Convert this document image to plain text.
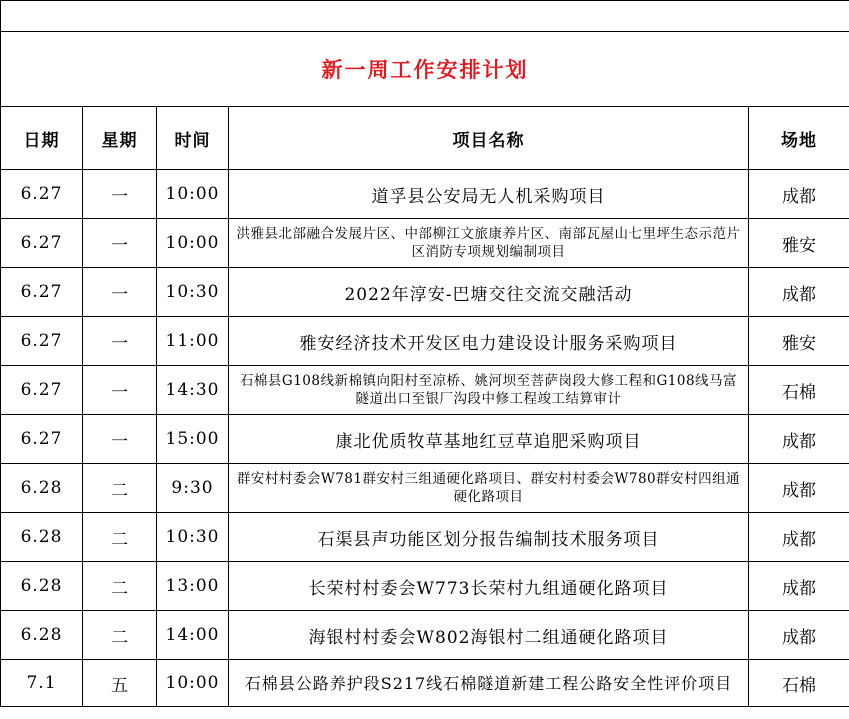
新一周工作安排计划				
日期	星期	时间	项目名称	场地
6.27	一	10:00	道孚县公安局无人机采购项目	成都
6.27	一	10:00	洪雅县北部融合发展片区、中部柳江文旅康养片区、南部瓦屋山七里坪生态示范片区消防专项规划编制项目	雅安
6.27	一	10:30	2022年淳安-巴塘交往交流交融活动	成都
6.27	一	11:00	雅安经济技术开发区电力建设设计服务采购项目	雅安
6.27	一	14:30	石棉县G108线新棉镇向阳村至凉桥、姚河坝至菩萨岗段大修工程和G108线马富隧道出口至银厂沟段中修工程竣工结算审计	石棉
6.27	一	15:00	康北优质牧草基地红豆草追肥采购项目	成都
6.28	二	9:30	群安村村委会W781群安村三组通硬化路项目、群安村村委会W780群安村四组通硬化路项目	成都
6.28	二	10:30	石渠县声功能区划分报告编制技术服务项目	成都
6.28	二	13:00	长荣村村委会W773长荣村九组通硬化路项目	成都
6.28	二	14:00	海银村村委会W802海银村二组通硬化路项目	成都
7.1	五	10:00	石棉县公路养护段S217线石棉隧道新建工程公路安全性评价项目	石棉
